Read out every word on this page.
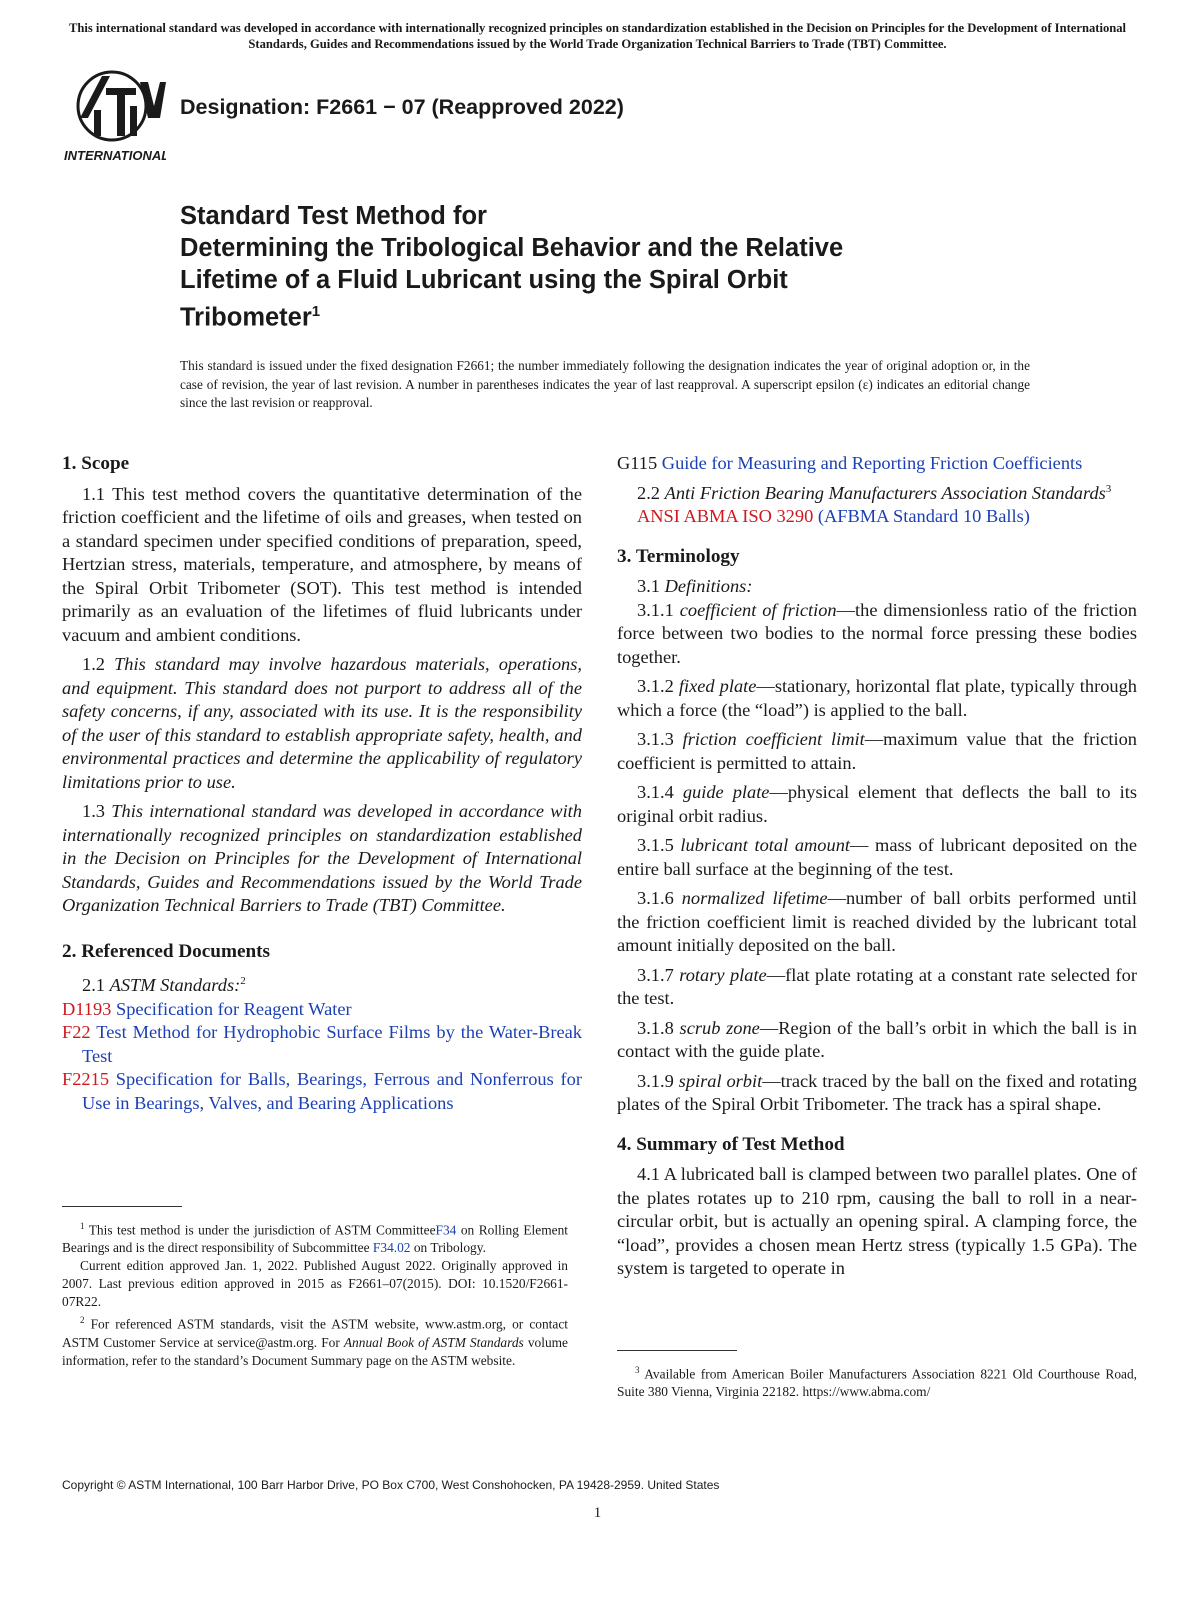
This international standard was developed in accordance with internationally recognized principles on standardization established in the Decision on Principles for the Development of International Standards, Guides and Recommendations issued by the World Trade Organization Technical Barriers to Trade (TBT) Committee.
INTERNATIONAL
Designation: F2661 − 07 (Reapproved 2022)
Standard Test Method for
Determining the Tribological Behavior and the Relative
Lifetime of a Fluid Lubricant using the Spiral Orbit
Tribometer$^1$
This standard is issued under the fixed designation F2661; the number immediately following the designation indicates the year of original adoption or, in the case of revision, the year of last revision. A number in parentheses indicates the year of last reapproval. A superscript epsilon (ε) indicates an editorial change since the last revision or reapproval.
1. Scope

1.1 This test method covers the quantitative determination of the friction coefficient and the lifetime of oils and greases, when tested on a standard specimen under specified conditions of preparation, speed, Hertzian stress, materials, temperature, and atmosphere, by means of the Spiral Orbit Tribometer (SOT). This test method is intended primarily as an evaluation of the lifetimes of fluid lubricants under vacuum and ambient conditions.

1.2 This standard may involve hazardous materials, operations, and equipment. This standard does not purport to address all of the safety concerns, if any, associated with its use. It is the responsibility of the user of this standard to establish appropriate safety, health, and environmental practices and determine the applicability of regulatory limitations prior to use.

1.3 This international standard was developed in accordance with internationally recognized principles on standardization established in the Decision on Principles for the Development of International Standards, Guides and Recommendations issued by the World Trade Organization Technical Barriers to Trade (TBT) Committee.

2. Referenced Documents

2.1 ASTM Standards:$^2$

D1193 Specification for Reagent Water
F22 Test Method for Hydrophobic Surface Films by the Water-Break Test
F2215 Specification for Balls, Bearings, Ferrous and Nonferrous for Use in Bearings, Valves, and Bearing Applications

$^1$ This test method is under the jurisdiction of ASTM CommitteeF34 on Rolling Element Bearings and is the direct responsibility of Subcommittee F34.02 on Tribology.

Current edition approved Jan. 1, 2022. Published August 2022. Originally approved in 2007. Last previous edition approved in 2015 as F2661–07(2015). DOI: 10.1520/F2661-07R22.

$^2$ For referenced ASTM standards, visit the ASTM website, www.astm.org, or contact ASTM Customer Service at service@astm.org. For Annual Book of ASTM Standards volume information, refer to the standard’s Document Summary page on the ASTM website.

G115 Guide for Measuring and Reporting Friction Coefficients

2.2 Anti Friction Bearing Manufacturers Association Standards$^3$

ANSI ABMA ISO 3290 (AFBMA Standard 10 Balls)
3. Terminology

3.1 Definitions:

3.1.1 coefficient of friction—the dimensionless ratio of the friction force between two bodies to the normal force pressing these bodies together.

3.1.2 fixed plate—stationary, horizontal flat plate, typically through which a force (the “load”) is applied to the ball.

3.1.3 friction coefficient limit—maximum value that the friction coefficient is permitted to attain.

3.1.4 guide plate—physical element that deflects the ball to its original orbit radius.

3.1.5 lubricant total amount— mass of lubricant deposited on the entire ball surface at the beginning of the test.

3.1.6 normalized lifetime—number of ball orbits performed until the friction coefficient limit is reached divided by the lubricant total amount initially deposited on the ball.

3.1.7 rotary plate—flat plate rotating at a constant rate selected for the test.

3.1.8 scrub zone—Region of the ball’s orbit in which the ball is in contact with the guide plate.

3.1.9 spiral orbit—track traced by the ball on the fixed and rotating plates of the Spiral Orbit Tribometer. The track has a spiral shape.

4. Summary of Test Method

4.1 A lubricated ball is clamped between two parallel plates. One of the plates rotates up to 210 rpm, causing the ball to roll in a near-circular orbit, but is actually an opening spiral. A clamping force, the “load”, provides a chosen mean Hertz stress (typically 1.5 GPa). The system is targeted to operate in

$^3$ Available from American Boiler Manufacturers Association 8221 Old Courthouse Road, Suite 380 Vienna, Virginia 22182. https://www.abma.com/

Copyright © ASTM International, 100 Barr Harbor Drive, PO Box C700, West Conshohocken, PA 19428-2959. United States
1
